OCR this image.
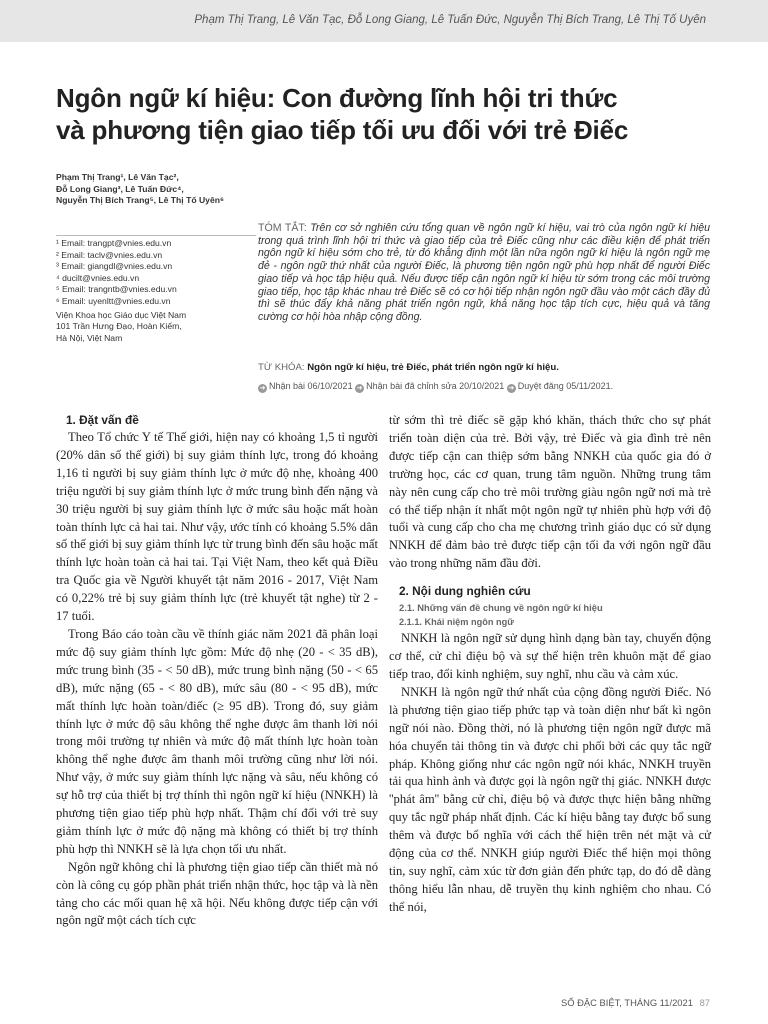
Phạm Thị Trang, Lê Văn Tạc, Đỗ Long Giang, Lê Tuấn Đức, Nguyễn Thị Bích Trang, Lê Thị Tố Uyên
Ngôn ngữ kí hiệu: Con đường lĩnh hội tri thức
và phương tiện giao tiếp tối ưu đối với trẻ Điếc
Phạm Thị Trang¹, Lê Văn Tạc²,
Đỗ Long Giang³, Lê Tuấn Đức⁴,
Nguyễn Thị Bích Trang⁵, Lê Thị Tố Uyên⁶
¹ Email: trangpt@vnies.edu.vn
² Email: taclv@vnies.edu.vn
³ Email: giangdl@vnies.edu.vn
⁴ ducilt@vnies.edu.vn
⁵ Email: trangntb@vnies.edu.vn
⁶ Email: uyenltt@vnies.edu.vn
Viện Khoa học Giáo dục Việt Nam
101 Trần Hưng Đạo, Hoàn Kiếm,
Hà Nội, Việt Nam
TÓM TẮT: Trên cơ sở nghiên cứu tổng quan về ngôn ngữ kí hiệu, vai trò của ngôn ngữ kí hiệu trong quá trình lĩnh hội tri thức và giao tiếp của trẻ Điếc cũng như các điều kiện để phát triển ngôn ngữ kí hiệu sớm cho trẻ, từ đó khẳng định một lần nữa ngôn ngữ kí hiệu là ngôn ngữ mẹ đẻ - ngôn ngữ thứ nhất của người Điếc, là phương tiện ngôn ngữ phù hợp nhất để người Điếc giao tiếp và học tập hiệu quả. Nếu được tiếp cận ngôn ngữ kí hiệu từ sớm trong các môi trường giao tiếp, học tập khác nhau trẻ Điếc sẽ có cơ hội tiếp nhận ngôn ngữ đầu vào một cách đầy đủ thì sẽ thúc đẩy khả năng phát triển ngôn ngữ, khả năng học tập tích cực, hiệu quả và tăng cường cơ hội hòa nhập cộng đồng.
TỪ KHÓA: Ngôn ngữ kí hiệu, trẻ Điếc, phát triển ngôn ngữ kí hiệu.
➜ Nhận bài 06/10/2021 ➜ Nhận bài đã chỉnh sửa 20/10/2021 ➜ Duyệt đăng 05/11/2021.
1. Đặt vấn đề

Theo Tổ chức Y tế Thế giới, hiện nay có khoảng 1,5 tỉ người (20% dân số thế giới) bị suy giảm thính lực, trong đó khoảng 1,16 tỉ người bị suy giảm thính lực ở mức độ nhẹ, khoảng 400 triệu người bị suy giảm thính lực ở mức trung bình đến nặng và 30 triệu người bị suy giảm thính lực ở mức sâu hoặc mất hoàn toàn thính lực cả hai tai. Như vậy, ước tính có khoảng 5.5% dân số thế giới bị suy giảm thính lực từ trung bình đến sâu hoặc mất thính lực hoàn toàn cả hai tai. Tại Việt Nam, theo kết quả Điều tra Quốc gia về Người khuyết tật năm 2016 - 2017, Việt Nam có 0,22% trẻ bị suy giảm thính lực (trẻ khuyết tật nghe) từ 2 - 17 tuổi.

Trong Báo cáo toàn cầu về thính giác năm 2021 đã phân loại mức độ suy giảm thính lực gồm: Mức độ nhẹ (20 - < 35 dB), mức trung bình (35 - < 50 dB), mức trung bình nặng (50 - < 65 dB), mức nặng (65 - < 80 dB), mức sâu (80 - < 95 dB), mức mất thính lực hoàn toàn/điếc (≥ 95 dB). Trong đó, suy giảm thính lực ở mức độ sâu không thể nghe được âm thanh lời nói trong môi trường tự nhiên và mức độ mất thính lực hoàn toàn không thể nghe được âm thanh môi trường cũng như lời nói. Như vậy, ở mức suy giảm thính lực nặng và sâu, nếu không có sự hỗ trợ của thiết bị trợ thính thì ngôn ngữ kí hiệu (NNKH) là phương tiện giao tiếp phù hợp nhất. Thậm chí đối với trẻ suy giảm thính lực ở mức độ nặng mà không có thiết bị trợ thính phù hợp thì NNKH sẽ là lựa chọn tối ưu nhất.

Ngôn ngữ không chỉ là phương tiện giao tiếp cần thiết mà nó còn là công cụ góp phần phát triển nhận thức, học tập và là nền tảng cho các mối quan hệ xã hội. Nếu không được tiếp cận với ngôn ngữ một cách tích cực

từ sớm thì trẻ điếc sẽ gặp khó khăn, thách thức cho sự phát triển toàn diện của trẻ. Bởi vậy, trẻ Điếc và gia đình trẻ nên được tiếp cận can thiệp sớm bằng NNKH của quốc gia đó ở trường học, các cơ quan, trung tâm nguồn. Những trung tâm này nên cung cấp cho trẻ môi trường giàu ngôn ngữ nơi mà trẻ có thể tiếp nhận ít nhất một ngôn ngữ tự nhiên phù hợp với độ tuổi và cung cấp cho cha mẹ chương trình giáo dục có sử dụng NNKH để đảm bảo trẻ được tiếp cận tối đa với ngôn ngữ đầu vào trong những năm đầu đời.

2. Nội dung nghiên cứu
2.1. Những vấn đề chung về ngôn ngữ kí hiệu
2.1.1. Khái niệm ngôn ngữ

NNKH là ngôn ngữ sử dụng hình dạng bàn tay, chuyển động cơ thể, cử chỉ điệu bộ và sự thể hiện trên khuôn mặt để giao tiếp trao, đổi kinh nghiệm, suy nghĩ, nhu cầu và cảm xúc.

NNKH là ngôn ngữ thứ nhất của cộng đồng người Điếc. Nó là phương tiện giao tiếp phức tạp và toàn diện như bất kì ngôn ngữ nói nào. Đồng thời, nó là phương tiện ngôn ngữ được mã hóa chuyển tải thông tin và được chi phối bởi các quy tắc ngữ pháp. Không giống như các ngôn ngữ nói khác, NNKH truyền tải qua hình ảnh và được gọi là ngôn ngữ thị giác. NNKH được ''phát âm'' bằng cử chỉ, điệu bộ và được thực hiện bằng những quy tắc ngữ pháp nhất định. Các kí hiệu bằng tay được bổ sung thêm và được bổ nghĩa với cách thể hiện trên nét mặt và cử động của cơ thể. NNKH giúp người Điếc thể hiện mọi thông tin, suy nghĩ, cảm xúc từ đơn giản đến phức tạp, do đó dễ dàng thông hiểu lẫn nhau, dễ truyền thụ kinh nghiệm cho nhau. Có thể nói,

SỐ ĐẶC BIỆT, THÁNG 11/2021 87
